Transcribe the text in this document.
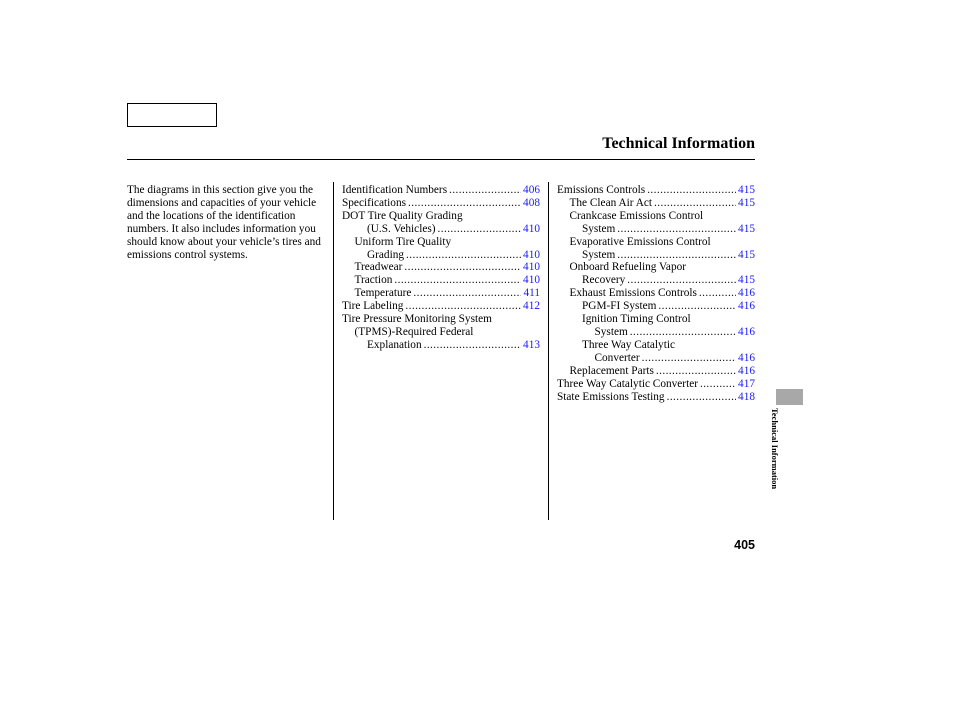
Technical Information
The diagrams in this section give you the dimensions and capacities of your vehicle and the locations of the identification numbers. It also includes information you should know about your vehicle’s tires and emissions control systems.
Identification Numbers .....	406
Specifications .....	408
DOT Tire Quality Grading
(U.S. Vehicles) .....	410
Uniform Tire Quality
Grading .....	410
Treadwear .....	410
Traction .....	410
Temperature .....	411
Tire Labeling .....	412
Tire Pressure Monitoring System
(TPMS)-Required Federal
Explanation .....	413
Emissions Controls .....	415
The Clean Air Act .....	415
Crankcase Emissions Control
System .....	415
Evaporative Emissions Control
System .....	415
Onboard Refueling Vapor
Recovery .....	415
Exhaust Emissions Controls .....	416
PGM-FI System .....	416
Ignition Timing Control
System .....	416
Three Way Catalytic
Converter .....	416
Replacement Parts .....	416
Three Way Catalytic Converter .....	417
State Emissions Testing .....	418
Technical Information
405
